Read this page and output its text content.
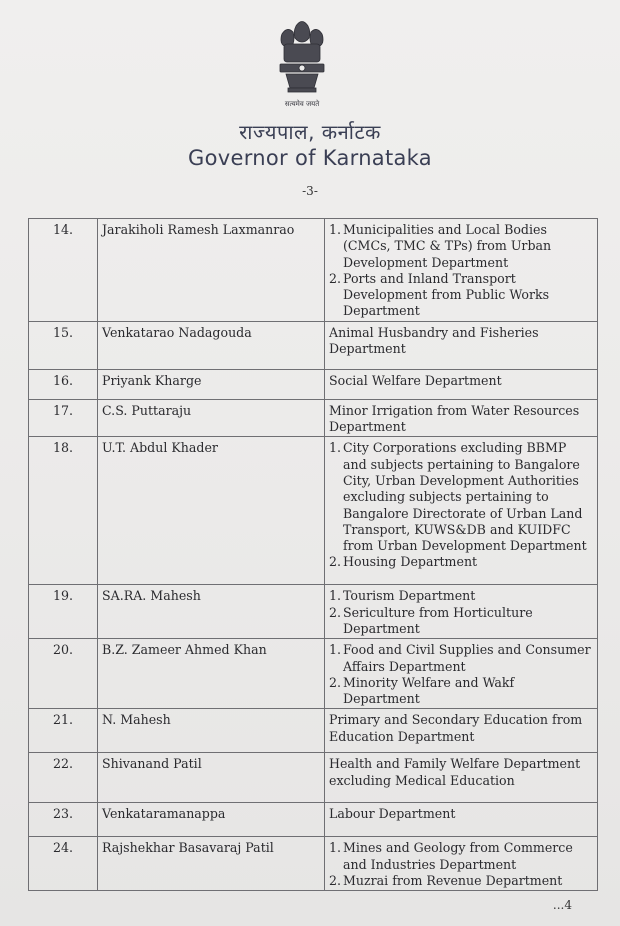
सत्यमेव जयते
राज्यपाल, कर्नाटक
Governor of Karnataka
-3-
14.	Jarakiholi Ramesh Laxmanrao	1. Municipalities and Local Bodies (CMCs, TMC & TPs) from Urban Development Department
2. Ports and Inland Transport Development from Public Works Department

15.	Venkatarao Nadagouda	Animal Husbandry and Fisheries Department
16.	Priyank Kharge	Social Welfare Department
17.	C.S. Puttaraju	Minor Irrigation from Water Resources Department
18.	U.T. Abdul Khader	1. City Corporations excluding BBMP and subjects pertaining to Bangalore City, Urban Development Authorities excluding subjects pertaining to Bangalore Directorate of Urban Land Transport, KUWS&DB and KUIDFC from Urban Development Department
2. Housing Department

19.	SA.RA. Mahesh	1. Tourism Department
2. Sericulture from Horticulture Department

20.	B.Z. Zameer Ahmed Khan	1. Food and Civil Supplies and Consumer Affairs Department
2. Minority Welfare and Wakf Department

21.	N. Mahesh	Primary and Secondary Education from Education Department
22.	Shivanand Patil	Health and Family Welfare Department excluding Medical Education
23.	Venkataramanappa	Labour Department
24.	Rajshekhar Basavaraj Patil	1. Mines and Geology from Commerce and Industries Department
2. Muzrai from Revenue Department
...4
